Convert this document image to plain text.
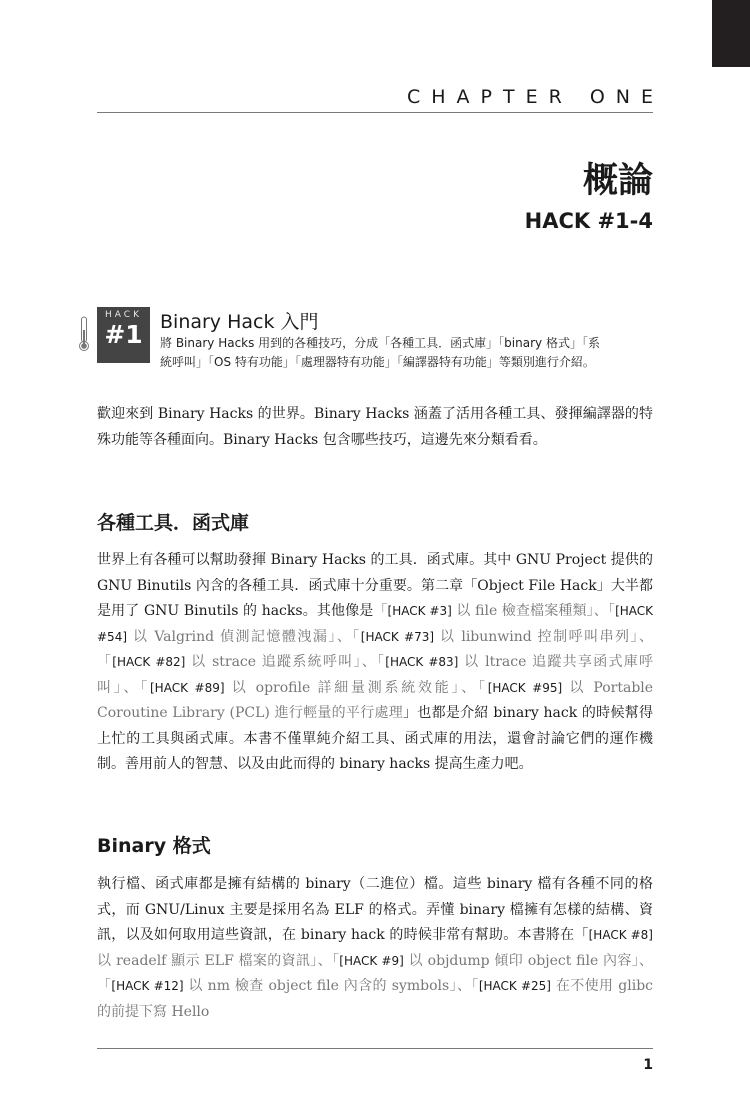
CHAPTER ONE
概論
HACK #1-4
HACK
#1 Binary Hack 入門
將 Binary Hacks 用到的各種技巧，分成「各種工具．函式庫」「binary 格式」「系統呼叫」「OS 特有功能」「處理器特有功能」「編譯器特有功能」等類別進行介紹。
歡迎來到 Binary Hacks 的世界。Binary Hacks 涵蓋了活用各種工具、發揮編譯器的特殊功能等各種面向。Binary Hacks 包含哪些技巧，這邊先來分類看看。
各種工具．函式庫
世界上有各種可以幫助發揮 Binary Hacks 的工具．函式庫。其中 GNU Project 提供的 GNU Binutils 內含的各種工具．函式庫十分重要。第二章「Object File Hack」大半都是用了 GNU Binutils 的 hacks。其他像是「[HACK #3] 以 file 檢查檔案種類」、「[HACK #54] 以 Valgrind 偵測記憶體洩漏」、「[HACK #73] 以 libunwind 控制呼叫串列」、「[HACK #82] 以 strace 追蹤系統呼叫」、「[HACK #83] 以 ltrace 追蹤共享函式庫呼叫」、「[HACK #89] 以 oprofile 詳細量測系統效能」、「[HACK #95] 以 Portable Coroutine Library (PCL) 進行輕量的平行處理」也都是介紹 binary hack 的時候幫得上忙的工具與函式庫。本書不僅單純介紹工具、函式庫的用法，還會討論它們的運作機制。善用前人的智慧、以及由此而得的 binary hacks 提高生產力吧。
Binary 格式
執行檔、函式庫都是擁有結構的 binary（二進位）檔。這些 binary 檔有各種不同的格式，而 GNU/Linux 主要是採用名為 ELF 的格式。弄懂 binary 檔擁有怎樣的結構、資訊，以及如何取用這些資訊，在 binary hack 的時候非常有幫助。本書將在「[HACK #8] 以 readelf 顯示 ELF 檔案的資訊」、「[HACK #9] 以 objdump 傾印 object file 內容」、「[HACK #12] 以 nm 檢查 object file 內含的 symbols」、「[HACK #25] 在不使用 glibc 的前提下寫 Hello
1
